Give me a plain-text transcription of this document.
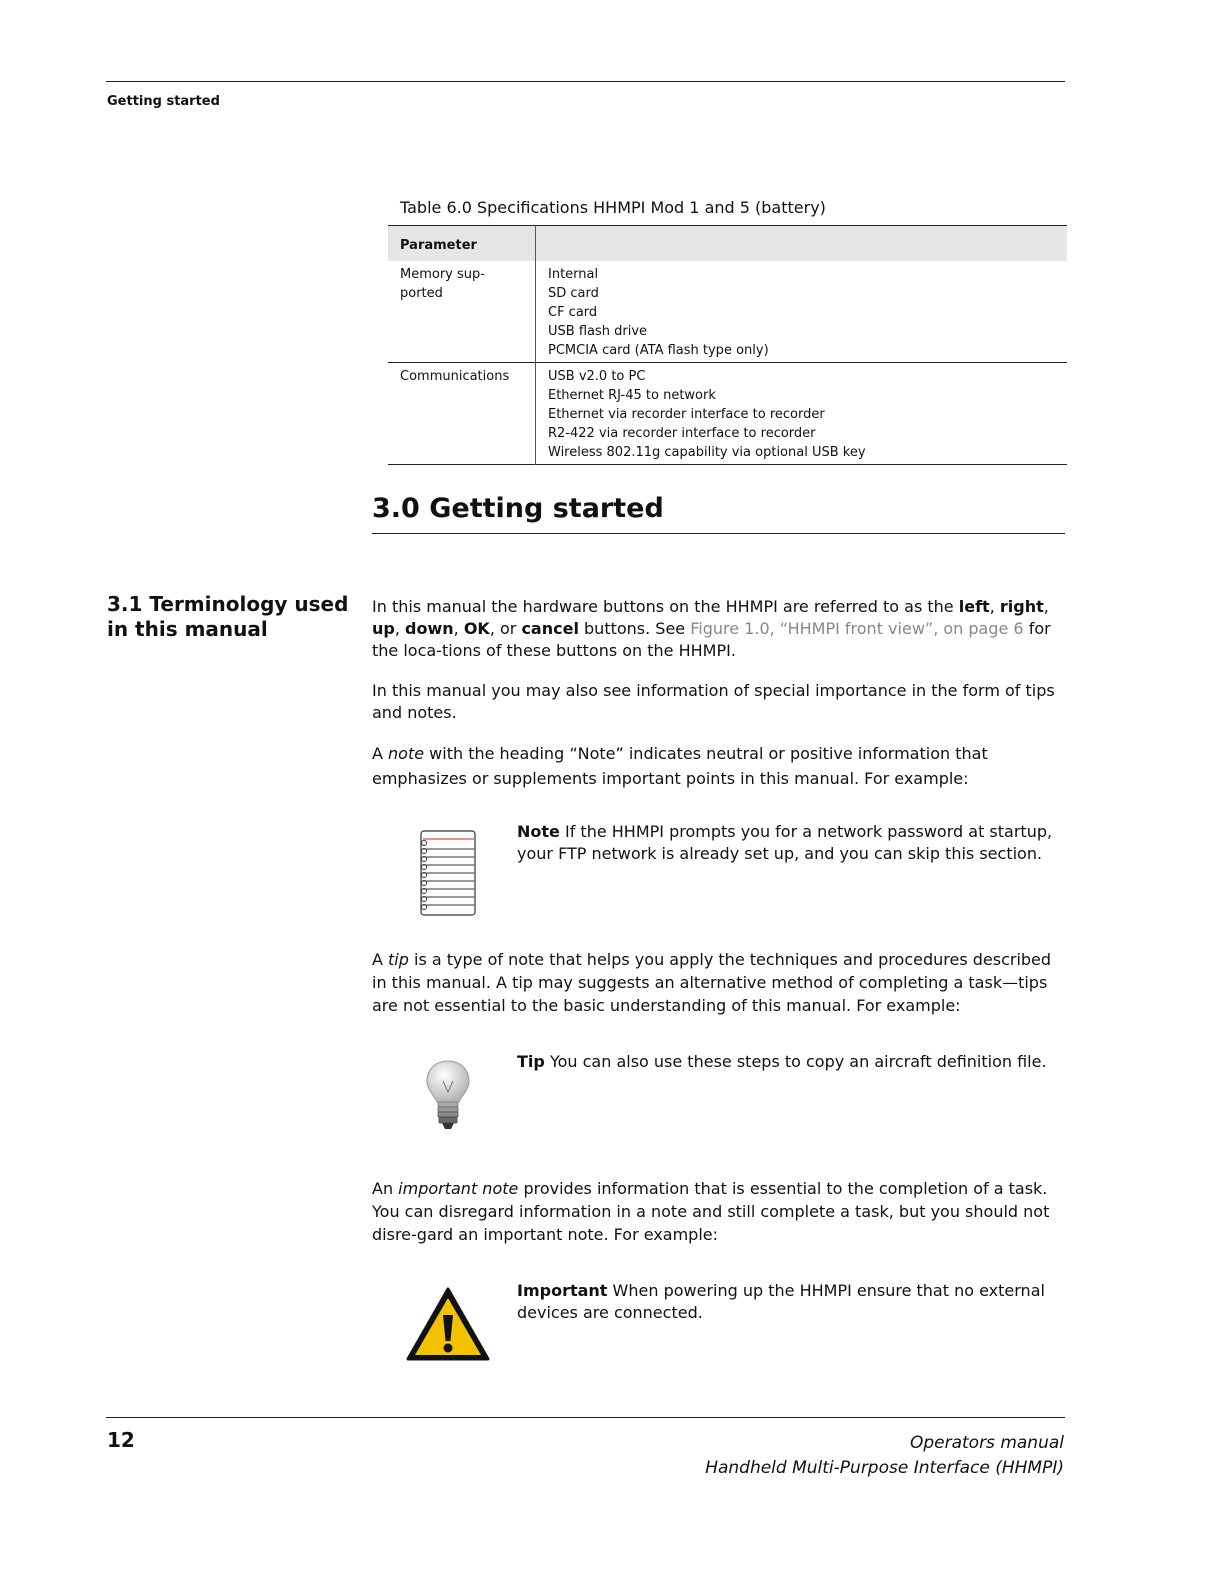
Getting started
Table 6.0 Specifications HHMPI Mod 1 and 5 (battery)
Parameter	

Memory sup-
ported	Internal
SD card
CF card
USB flash drive
PCMCIA card (ATA flash type only)

Communications	USB v2.0 to PC
Ethernet RJ-45 to network
Ethernet via recorder interface to recorder
R2-422 via recorder interface to recorder
Wireless 802.11g capability via optional USB key
3.0 Getting started
3.1 Terminology used in this manual
In this manual the hardware buttons on the HHMPI are referred to as the left, right, up, down, OK, or cancel buttons. See Figure 1.0, “HHMPI front view”, on page 6 for the loca-tions of these buttons on the HHMPI.
In this manual you may also see information of special importance in the form of tips and notes.
A note with the heading “Note” indicates neutral or positive information that emphasizes or supplements important points in this manual. For example:
Note If the HHMPI prompts you for a network password at startup, your FTP network is already set up, and you can skip this section.
A tip is a type of note that helps you apply the techniques and procedures described in this manual. A tip may suggests an alternative method of completing a task—tips are not essential to the basic understanding of this manual. For example:
Tip You can also use these steps to copy an aircraft definition file.
An important note provides information that is essential to the completion of a task. You can disregard information in a note and still complete a task, but you should not disre-gard an important note. For example:
Important When powering up the HHMPI ensure that no external devices are connected.
12	Operators manual
Handheld Multi-Purpose Interface (HHMPI)
